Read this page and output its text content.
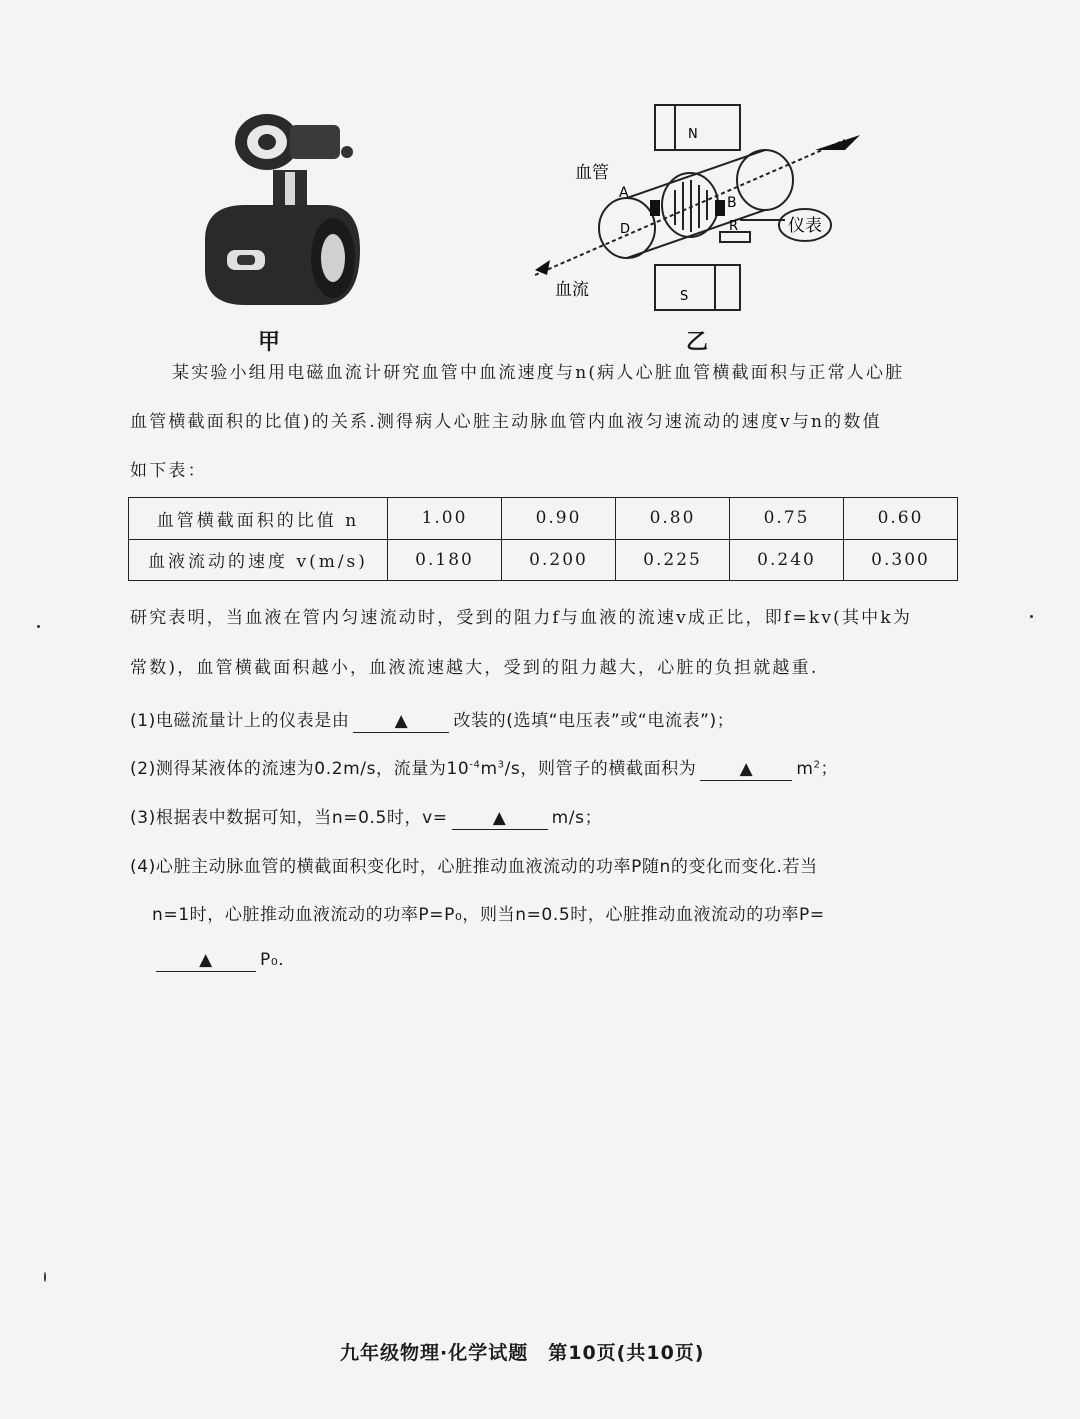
甲
N
S
血管
A
B
D	R	仪表
血流
乙
某实验小组用电磁血流计研究血管中血流速度与n(病人心脏血管横截面积与正常人心脏
血管横截面积的比值)的关系.测得病人心脏主动脉血管内血液匀速流动的速度v与n的数值
如下表：
血管横截面积的比值 n	1.00	0.90	0.80	0.75	0.60
血液流动的速度 v(m/s)	0.180	0.200	0.225	0.240	0.300
研究表明，当血液在管内匀速流动时，受到的阻力f与血液的流速v成正比，即f=kv(其中k为
常数)，血管横截面积越小，血液流速越大，受到的阻力越大，心脏的负担就越重.
(1)电磁流量计上的仪表是由	▲	改装的(选填“电压表”或“电流表”)；
(2)测得某液体的流速为0.2m/s，流量为$10^{-4}m^3/s$，则管子的横截面积为	▲	$m^2$；
(3)根据表中数据可知，当n=0.5时，v=	▲	m/s；
(4)心脏主动脉血管的横截面积变化时，心脏推动血液流动的功率P随n的变化而变化.若当
n=1时，心脏推动血液流动的功率P=P₀，则当n=0.5时，心脏推动血液流动的功率P=
▲	P₀.
九年级物理·化学试题　第10页(共10页)
